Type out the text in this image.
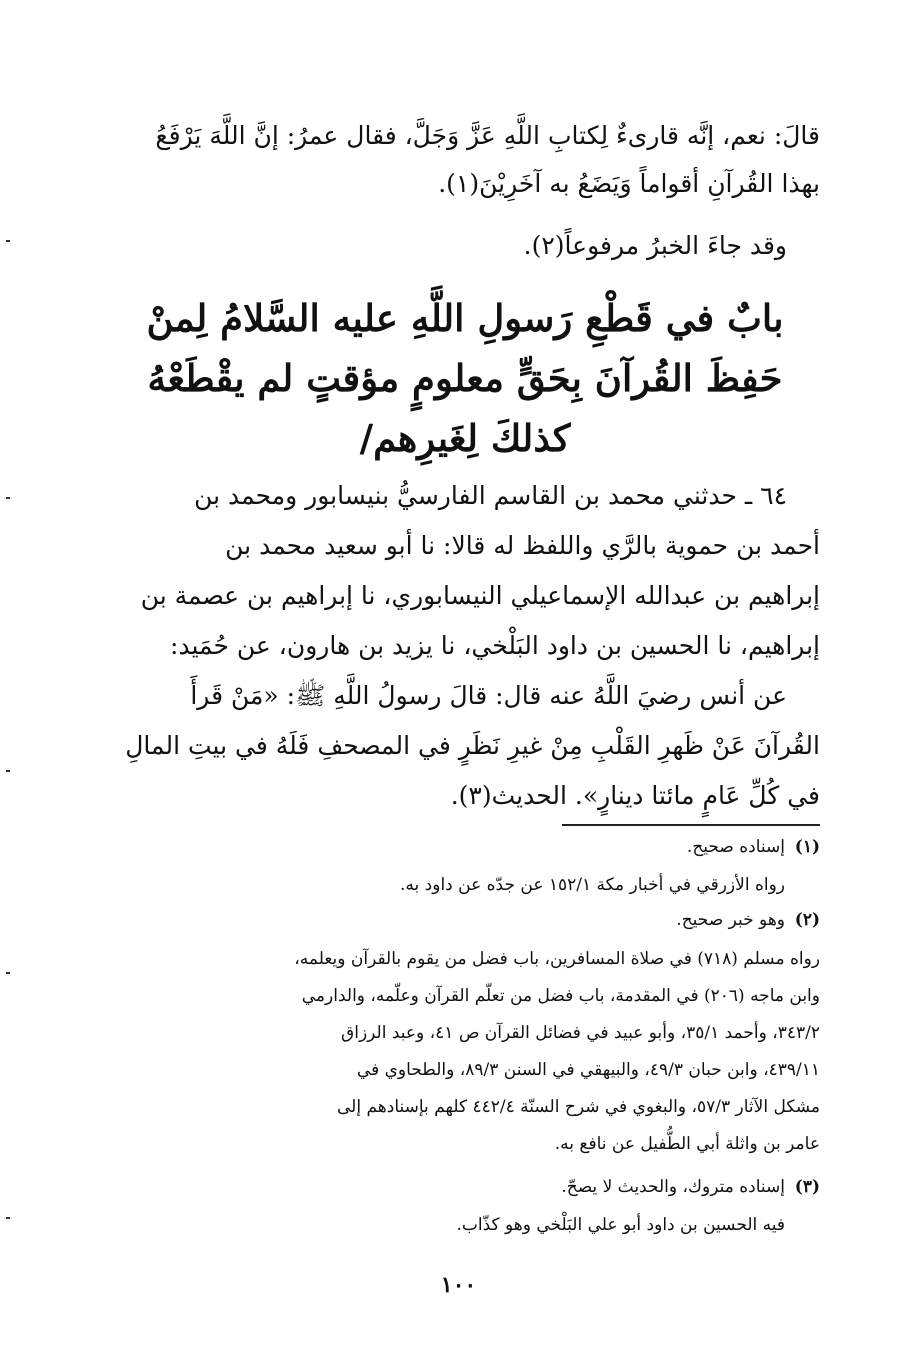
قالَ: نعم، إنَّه قارىءٌ لِكتابِ اللَّهِ عَزَّ وَجَلَّ، فقال عمرُ: إنَّ اللَّهَ يَرْفَعُ
بهذا القُرآنِ أقواماً وَيَضَعُ به آخَرِيْنَ(١).
وقد جاءَ الخبرُ مرفوعاً(٢).
بابٌ في قَطْعِ رَسولِ اللَّهِ عليه السَّلامُ لِمنْ
حَفِظَ القُرآنَ بِحَقٍّ معلومٍ مؤقتٍ لم يقْطَعْهُ
كذلكَ لِغَيرِهم/
٦٤ ـ حدثني محمد بن القاسم الفارسيُّ بنيسابور ومحمد بن
أحمد بن حموية بالرَّي واللفظ له قالا: نا أبو سعيد محمد بن
إبراهيم بن عبدالله الإسماعيلي النيسابوري، نا إبراهيم بن عصمة بن
إبراهيم، نا الحسين بن داود البَلْخي، نا يزيد بن هارون، عن حُمَيد:
عن أنس رضيَ اللَّهُ عنه قال: قالَ رسولُ اللَّهِ ﷺ: «مَنْ قَرأَ
القُرآنَ عَنْ ظَهرِ القَلْبِ مِنْ غيرِ نَظَرٍ في المصحفِ فَلَهُ في بيتِ المالِ
في كُلِّ عَامٍ مائتا دينارٍ». الحديث(٣).
(١)
إسناده صحيح.
رواه الأزرقي في أخبار مكة ١٥٢/١ عن جدّه عن داود به.
(٢)
وهو خبر صحيح.
رواه مسلم (٧١٨) في صلاة المسافرين، باب فضل من يقوم بالقرآن ويعلمه،
وابن ماجه (٢٠٦) في المقدمة، باب فضل من تعلّم القرآن وعلّمه، والدارمي
٣٤٣/٢، وأحمد ٣٥/١، وأبو عبيد في فضائل القرآن ص ٤١، وعبد الرزاق
٤٣٩/١١، وابن حبان ٤٩/٣، والبيهقي في السنن ٨٩/٣، والطحاوي في
مشكل الآثار ٥٧/٣، والبغوي في شرح السنّة ٤٤٢/٤ كلهم بإسنادهم إلى
عامر بن واثلة أبي الطُّفيل عن نافع به.
(٣)
إسناده متروك، والحديث لا يصحّ.
فيه الحسين بن داود أبو علي البَلْخي وهو كذّاب.
١٠٠
